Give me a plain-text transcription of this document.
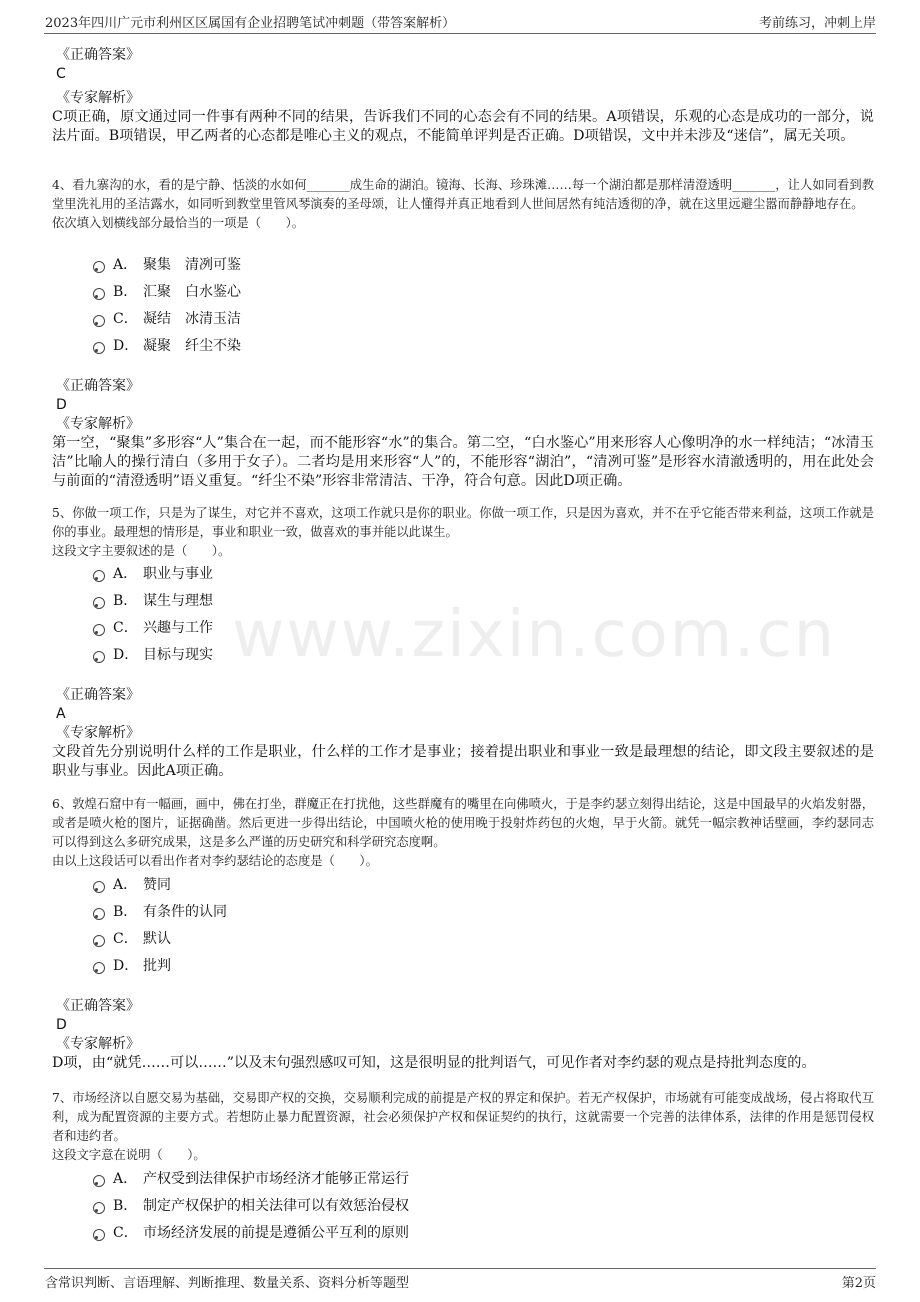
2023年四川广元市利州区区属国有企业招聘笔试冲刺题（带答案解析）	考前练习，冲刺上岸
www.zixin.com.cn
《正确答案》
C
《专家解析》
C项正确，原文通过同一件事有两种不同的结果，告诉我们不同的心态会有不同的结果。A项错误，乐观的心态是成功的一部分，说法片面。B项错误，甲乙两者的心态都是唯心主义的观点，不能简单评判是否正确。D项错误，文中并未涉及“迷信”，属无关项。
4、看九寨沟的水，看的是宁静、恬淡的水如何_______成生命的湖泊。镜海、长海、珍珠滩……每一个湖泊都是那样清澄透明_______，让人如同看到教堂里洗礼用的圣洁露水，如同听到教堂里管风琴演奏的圣母颂，让人懂得并真正地看到人世间居然有纯洁透彻的净，就在这里远避尘嚣而静静地存在。
依次填入划横线部分最恰当的一项是（　　）。
A． 聚集　清冽可鉴
B． 汇聚　白水鉴心
C． 凝结　冰清玉洁
D． 凝聚　纤尘不染
《正确答案》
D
《专家解析》
第一空，“聚集”多形容“人”集合在一起，而不能形容“水”的集合。第二空，“白水鉴心”用来形容人心像明净的水一样纯洁；“冰清玉洁”比喻人的操行清白（多用于女子）。二者均是用来形容“人”的，不能形容“湖泊”，“清冽可鉴”是形容水清澈透明的，用在此处会与前面的“清澄透明”语义重复。“纤尘不染”形容非常清洁、干净，符合句意。因此D项正确。
5、你做一项工作，只是为了谋生，对它并不喜欢，这项工作就只是你的职业。你做一项工作，只是因为喜欢，并不在乎它能否带来利益，这项工作就是你的事业。最理想的情形是，事业和职业一致，做喜欢的事并能以此谋生。
这段文字主要叙述的是（　　）。
A． 职业与事业
B． 谋生与理想
C． 兴趣与工作
D． 目标与现实
《正确答案》
A
《专家解析》
文段首先分别说明什么样的工作是职业，什么样的工作才是事业；接着提出职业和事业一致是最理想的结论，即文段主要叙述的是职业与事业。因此A项正确。
6、敦煌石窟中有一幅画，画中，佛在打坐，群魔正在打扰他，这些群魔有的嘴里在向佛喷火，于是李约瑟立刻得出结论，这是中国最早的火焰发射器，或者是喷火枪的图片，证据确凿。然后更进一步得出结论，中国喷火枪的使用晚于投射炸药包的火炮，早于火箭。就凭一幅宗教神话壁画，李约瑟同志可以得到这么多研究成果，这是多么严谨的历史研究和科学研究态度啊。
由以上这段话可以看出作者对李约瑟结论的态度是（　　）。
A． 赞同
B． 有条件的认同
C． 默认
D． 批判
《正确答案》
D
《专家解析》
D项，由“就凭……可以……”以及末句强烈感叹可知，这是很明显的批判语气，可见作者对李约瑟的观点是持批判态度的。
7、市场经济以自愿交易为基础，交易即产权的交换，交易顺利完成的前提是产权的界定和保护。若无产权保护，市场就有可能变成战场，侵占将取代互利，成为配置资源的主要方式。若想防止暴力配置资源，社会必须保护产权和保证契约的执行，这就需要一个完善的法律体系，法律的作用是惩罚侵权者和违约者。
这段文字意在说明（　　）。
A． 产权受到法律保护市场经济才能够正常运行
B． 制定产权保护的相关法律可以有效惩治侵权
C． 市场经济发展的前提是遵循公平互利的原则
含常识判断、言语理解、判断推理、数量关系、资料分析等题型	第2页
